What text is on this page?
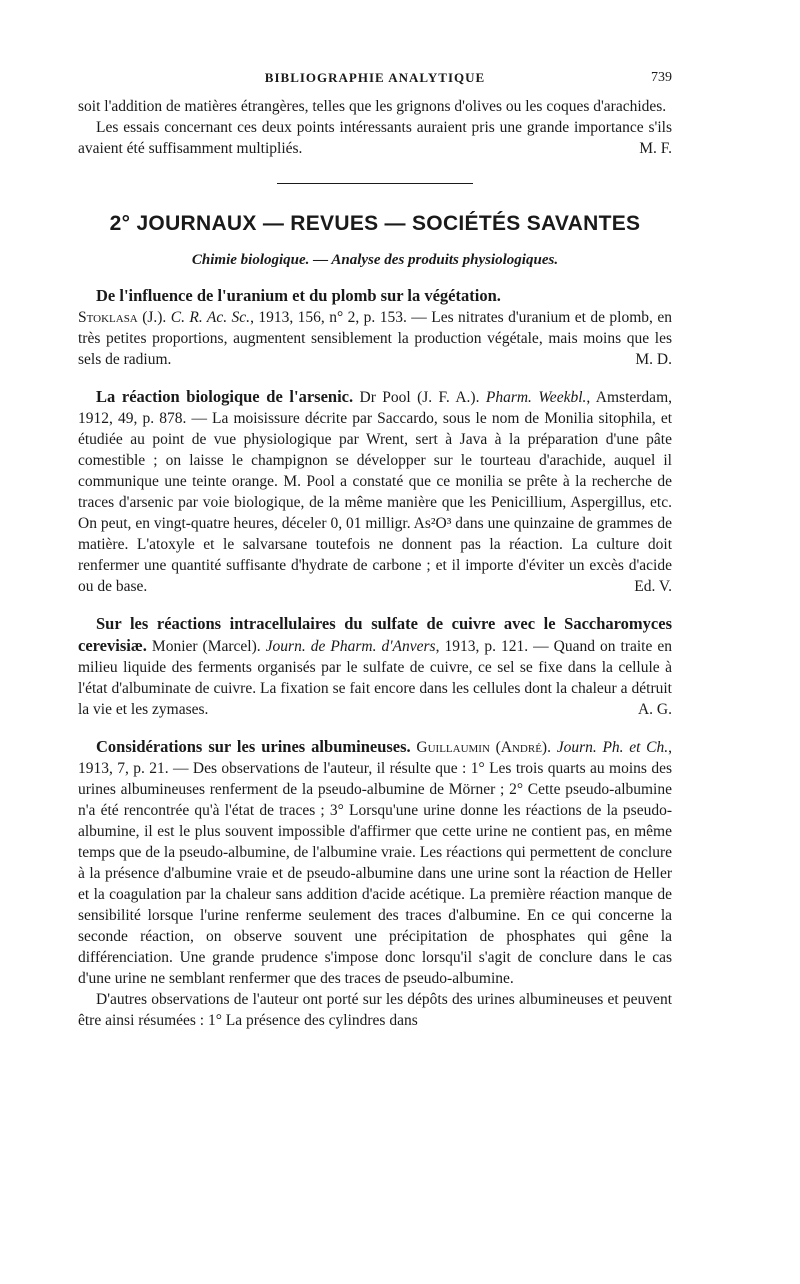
BIBLIOGRAPHIE ANALYTIQUE	739

soit l'addition de matières étrangères, telles que les grignons d'olives ou les coques d'arachides.

Les essais concernant ces deux points intéressants auraient pris une grande importance s'ils avaient été suffisamment multipliés.	M. F.

2° JOURNAUX — REVUES — SOCIÉTÉS SAVANTES
Chimie biologique. — Analyse des produits physiologiques.

De l'influence de l'uranium et du plomb sur la végétation.
Stoklasa (J.). C. R. Ac. Sc., 1913, 156, n° 2, p. 153. — Les nitrates d'uranium et de plomb, en très petites proportions, augmentent sensiblement la production végétale, mais moins que les sels de radium.	M. D.

La réaction biologique de l'arsenic. Dr Pool (J. F. A.). Pharm. Weekbl., Amsterdam, 1912, 49, p. 878. — La moisissure décrite par Saccardo, sous le nom de Monilia sitophila, et étudiée au point de vue physiologique par Wrent, sert à Java à la préparation d'une pâte comestible ; on laisse le champignon se développer sur le tourteau d'arachide, auquel il communique une teinte orange. M. Pool a constaté que ce monilia se prête à la recherche de traces d'arsenic par voie biologique, de la même manière que les Penicillium, Aspergillus, etc. On peut, en vingt-quatre heures, déceler 0, 01 milligr. As²O³ dans une quinzaine de grammes de matière. L'atoxyle et le salvarsane toutefois ne donnent pas la réaction. La culture doit renfermer une quantité suffisante d'hydrate de carbone ; et il importe d'éviter un excès d'acide ou de base.	Ed. V.

Sur les réactions intracellulaires du sulfate de cuivre avec le Saccharomyces cerevisiæ. Monier (Marcel). Journ. de Pharm. d'Anvers, 1913, p. 121. — Quand on traite en milieu liquide des ferments organisés par le sulfate de cuivre, ce sel se fixe dans la cellule à l'état d'albuminate de cuivre. La fixation se fait encore dans les cellules dont la chaleur a détruit la vie et les zymases.	A. G.

Considérations sur les urines albumineuses. Guillaumin (André). Journ. Ph. et Ch., 1913, 7, p. 21. — Des observations de l'auteur, il résulte que : 1° Les trois quarts au moins des urines albumineuses renferment de la pseudo-albumine de Mörner ; 2° Cette pseudo-albumine n'a été rencontrée qu'à l'état de traces ; 3° Lorsqu'une urine donne les réactions de la pseudo-albumine, il est le plus souvent impossible d'affirmer que cette urine ne contient pas, en même temps que de la pseudo-albumine, de l'albumine vraie. Les réactions qui permettent de conclure à la présence d'albumine vraie et de pseudo-albumine dans une urine sont la réaction de Heller et la coagulation par la chaleur sans addition d'acide acétique. La première réaction manque de sensibilité lorsque l'urine renferme seulement des traces d'albumine. En ce qui concerne la seconde réaction, on observe souvent une précipitation de phosphates qui gêne la différenciation. Une grande prudence s'impose donc lorsqu'il s'agit de conclure dans le cas d'une urine ne semblant renfermer que des traces de pseudo-albumine.

D'autres observations de l'auteur ont porté sur les dépôts des urines albumineuses et peuvent être ainsi résumées : 1° La présence des cylindres dans
